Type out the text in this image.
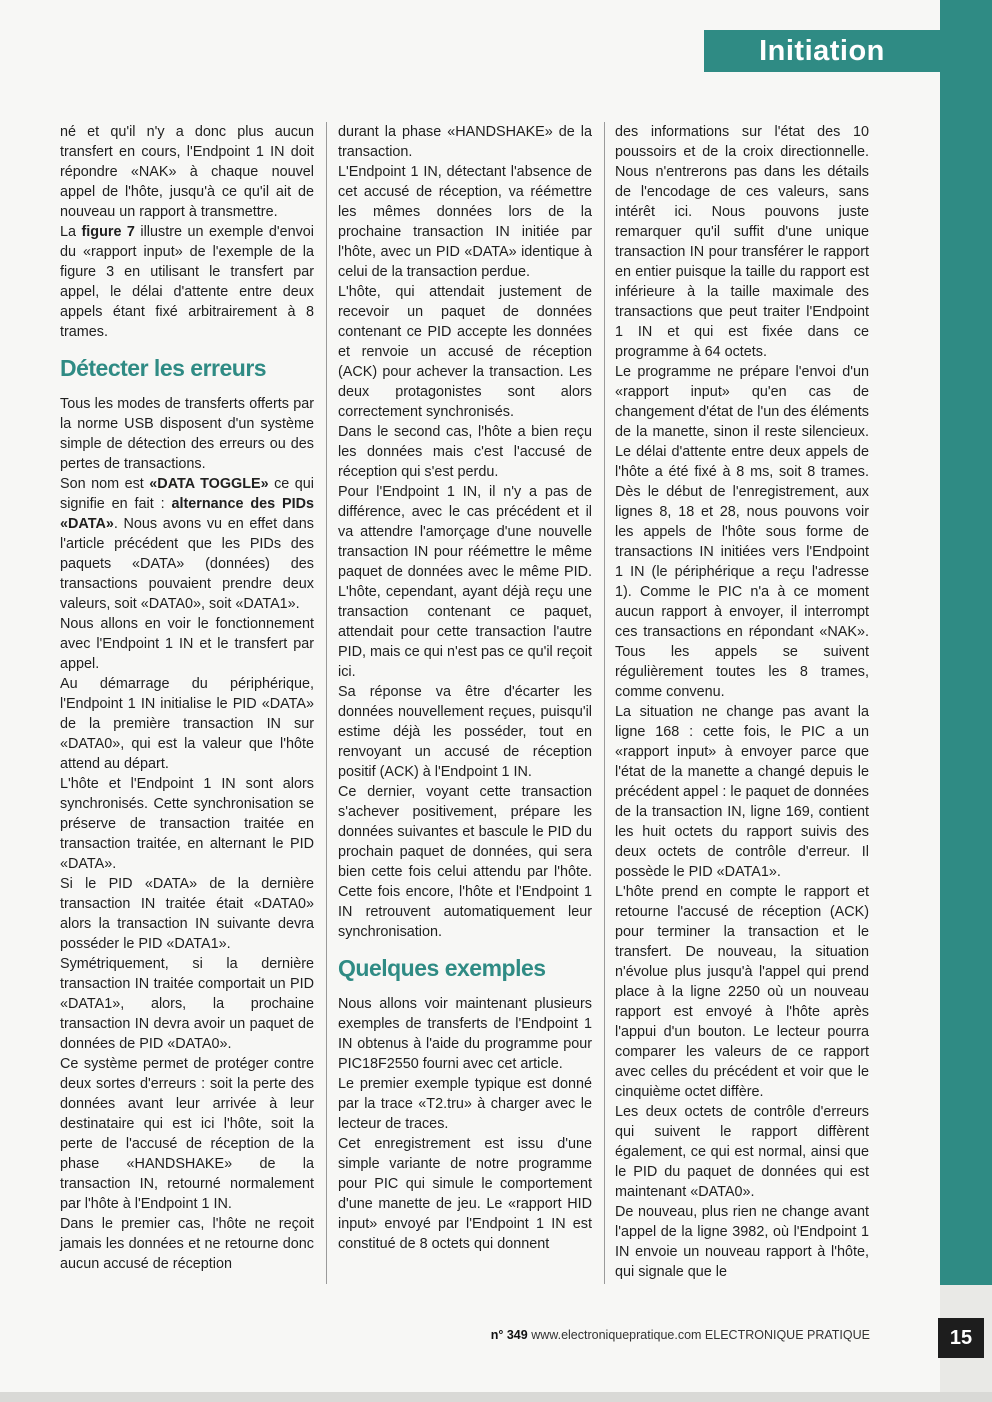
Initiation

né et qu'il n'y a donc plus aucun transfert en cours, l'Endpoint 1 IN doit répondre «NAK» à chaque nouvel appel de l'hôte, jusqu'à ce qu'il ait de nouveau un rapport à transmettre.

La figure 7 illustre un exemple d'envoi du «rapport input» de l'exemple de la figure 3 en utilisant le transfert par appel, le délai d'attente entre deux appels étant fixé arbitrairement à 8 trames.

Détecter les erreurs

Tous les modes de transferts offerts par la norme USB disposent d'un système simple de détection des erreurs ou des pertes de transactions.

Son nom est «DATA TOGGLE» ce qui signifie en fait : alternance des PIDs «DATA». Nous avons vu en effet dans l'article précédent que les PIDs des paquets «DATA» (données) des transactions pouvaient prendre deux valeurs, soit «DATA0», soit «DATA1».

Nous allons en voir le fonctionnement avec l'Endpoint 1 IN et le transfert par appel.

Au démarrage du périphérique, l'Endpoint 1 IN initialise le PID «DATA» de la première transaction IN sur «DATA0», qui est la valeur que l'hôte attend au départ.

L'hôte et l'Endpoint 1 IN sont alors synchronisés. Cette synchronisation se préserve de transaction traitée en transaction traitée, en alternant le PID «DATA».

Si le PID «DATA» de la dernière transaction IN traitée était «DATA0» alors la transaction IN suivante devra posséder le PID «DATA1».

Symétriquement, si la dernière transaction IN traitée comportait un PID «DATA1», alors, la prochaine transaction IN devra avoir un paquet de données de PID «DATA0».

Ce système permet de protéger contre deux sortes d'erreurs : soit la perte des données avant leur arrivée à leur destinataire qui est ici l'hôte, soit la perte de l'accusé de réception de la phase «HANDSHAKE» de la transaction IN, retourné normalement par l'hôte à l'Endpoint 1 IN.

Dans le premier cas, l'hôte ne reçoit jamais les données et ne retourne donc aucun accusé de réception

durant la phase «HANDSHAKE» de la transaction.

L'Endpoint 1 IN, détectant l'absence de cet accusé de réception, va réémettre les mêmes données lors de la prochaine transaction IN initiée par l'hôte, avec un PID «DATA» identique à celui de la transaction perdue.

L'hôte, qui attendait justement de recevoir un paquet de données contenant ce PID accepte les données et renvoie un accusé de réception (ACK) pour achever la transaction. Les deux protagonistes sont alors correctement synchronisés.

Dans le second cas, l'hôte a bien reçu les données mais c'est l'accusé de réception qui s'est perdu.

Pour l'Endpoint 1 IN, il n'y a pas de différence, avec le cas précédent et il va attendre l'amorçage d'une nouvelle transaction IN pour réémettre le même paquet de données avec le même PID. L'hôte, cependant, ayant déjà reçu une transaction contenant ce paquet, attendait pour cette transaction l'autre PID, mais ce qui n'est pas ce qu'il reçoit ici.

Sa réponse va être d'écarter les données nouvellement reçues, puisqu'il estime déjà les posséder, tout en renvoyant un accusé de réception positif (ACK) à l'Endpoint 1 IN.

Ce dernier, voyant cette transaction s'achever positivement, prépare les données suivantes et bascule le PID du prochain paquet de données, qui sera bien cette fois celui attendu par l'hôte. Cette fois encore, l'hôte et l'Endpoint 1 IN retrouvent automatiquement leur synchronisation.

Quelques exemples

Nous allons voir maintenant plusieurs exemples de transferts de l'Endpoint 1 IN obtenus à l'aide du programme pour PIC18F2550 fourni avec cet article.

Le premier exemple typique est donné par la trace «T2.tru» à charger avec le lecteur de traces.

Cet enregistrement est issu d'une simple variante de notre programme pour PIC qui simule le comportement d'une manette de jeu. Le «rapport HID input» envoyé par l'Endpoint 1 IN est constitué de 8 octets qui donnent

des informations sur l'état des 10 poussoirs et de la croix directionnelle. Nous n'entrerons pas dans les détails de l'encodage de ces valeurs, sans intérêt ici. Nous pouvons juste remarquer qu'il suffit d'une unique transaction IN pour transférer le rapport en entier puisque la taille du rapport est inférieure à la taille maximale des transactions que peut traiter l'Endpoint 1 IN et qui est fixée dans ce programme à 64 octets.

Le programme ne prépare l'envoi d'un «rapport input» qu'en cas de changement d'état de l'un des éléments de la manette, sinon il reste silencieux. Le délai d'attente entre deux appels de l'hôte a été fixé à 8 ms, soit 8 trames. Dès le début de l'enregistrement, aux lignes 8, 18 et 28, nous pouvons voir les appels de l'hôte sous forme de transactions IN initiées vers l'Endpoint 1 IN (le périphérique a reçu l'adresse 1). Comme le PIC n'a à ce moment aucun rapport à envoyer, il interrompt ces transactions en répondant «NAK». Tous les appels se suivent régulièrement toutes les 8 trames, comme convenu.

La situation ne change pas avant la ligne 168 : cette fois, le PIC a un «rapport input» à envoyer parce que l'état de la manette a changé depuis le précédent appel : le paquet de données de la transaction IN, ligne 169, contient les huit octets du rapport suivis des deux octets de contrôle d'erreur. Il possède le PID «DATA1».

L'hôte prend en compte le rapport et retourne l'accusé de réception (ACK) pour terminer la transaction et le transfert. De nouveau, la situation n'évolue plus jusqu'à l'appel qui prend place à la ligne 2250 où un nouveau rapport est envoyé à l'hôte après l'appui d'un bouton. Le lecteur pourra comparer les valeurs de ce rapport avec celles du précédent et voir que le cinquième octet diffère.

Les deux octets de contrôle d'erreurs qui suivent le rapport diffèrent également, ce qui est normal, ainsi que le PID du paquet de données qui est maintenant «DATA0».

De nouveau, plus rien ne change avant l'appel de la ligne 3982, où l'Endpoint 1 IN envoie un nouveau rapport à l'hôte, qui signale que le

n° 349 www.electroniquepratique.com ELECTRONIQUE PRATIQUE	15
